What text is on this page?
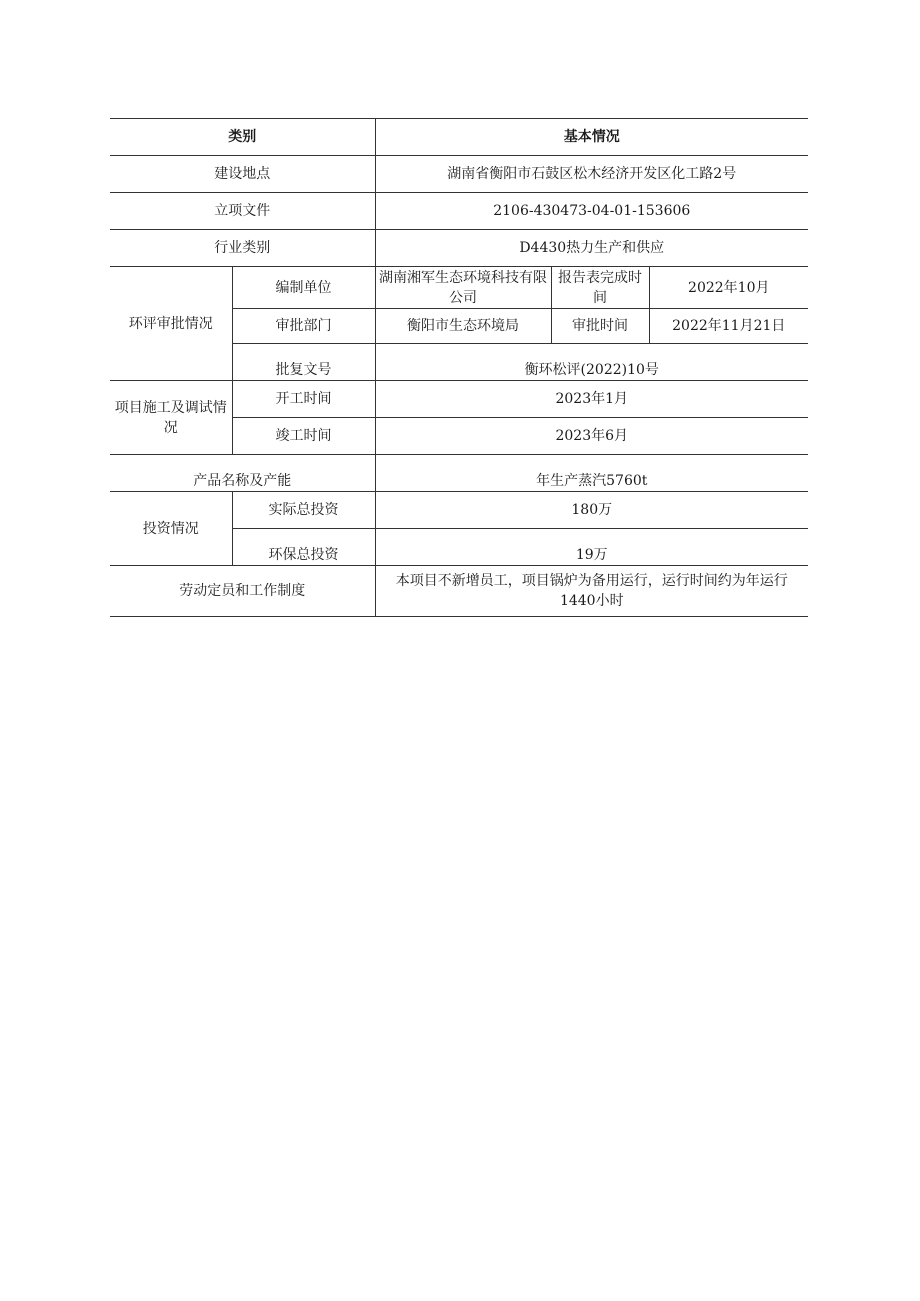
类别		基本情况		
建设地点		湖南省衡阳市石鼓区松木经济开发区化工路2号		
立项文件		2106-430473-04-01-153606		
行业类别		D4430热力生产和供应		
环评审批情况	编制单位	湖南湘军生态环境科技有限公司	报告表完成时间	2022年10月
	审批部门	衡阳市生态环境局	审批时间	2022年11月21日
	批复文号	衡环松评(2022)10号		
项目施工及调试情况	开工时间	2023年1月		
	竣工时间	2023年6月		
产品名称及产能		年生产蒸汽5760t		
投资情况	实际总投资	180万		
	环保总投资	19万		
劳动定员和工作制度		本项目不新增员工，项目锅炉为备用运行，运行时间约为年运行1440小时		
